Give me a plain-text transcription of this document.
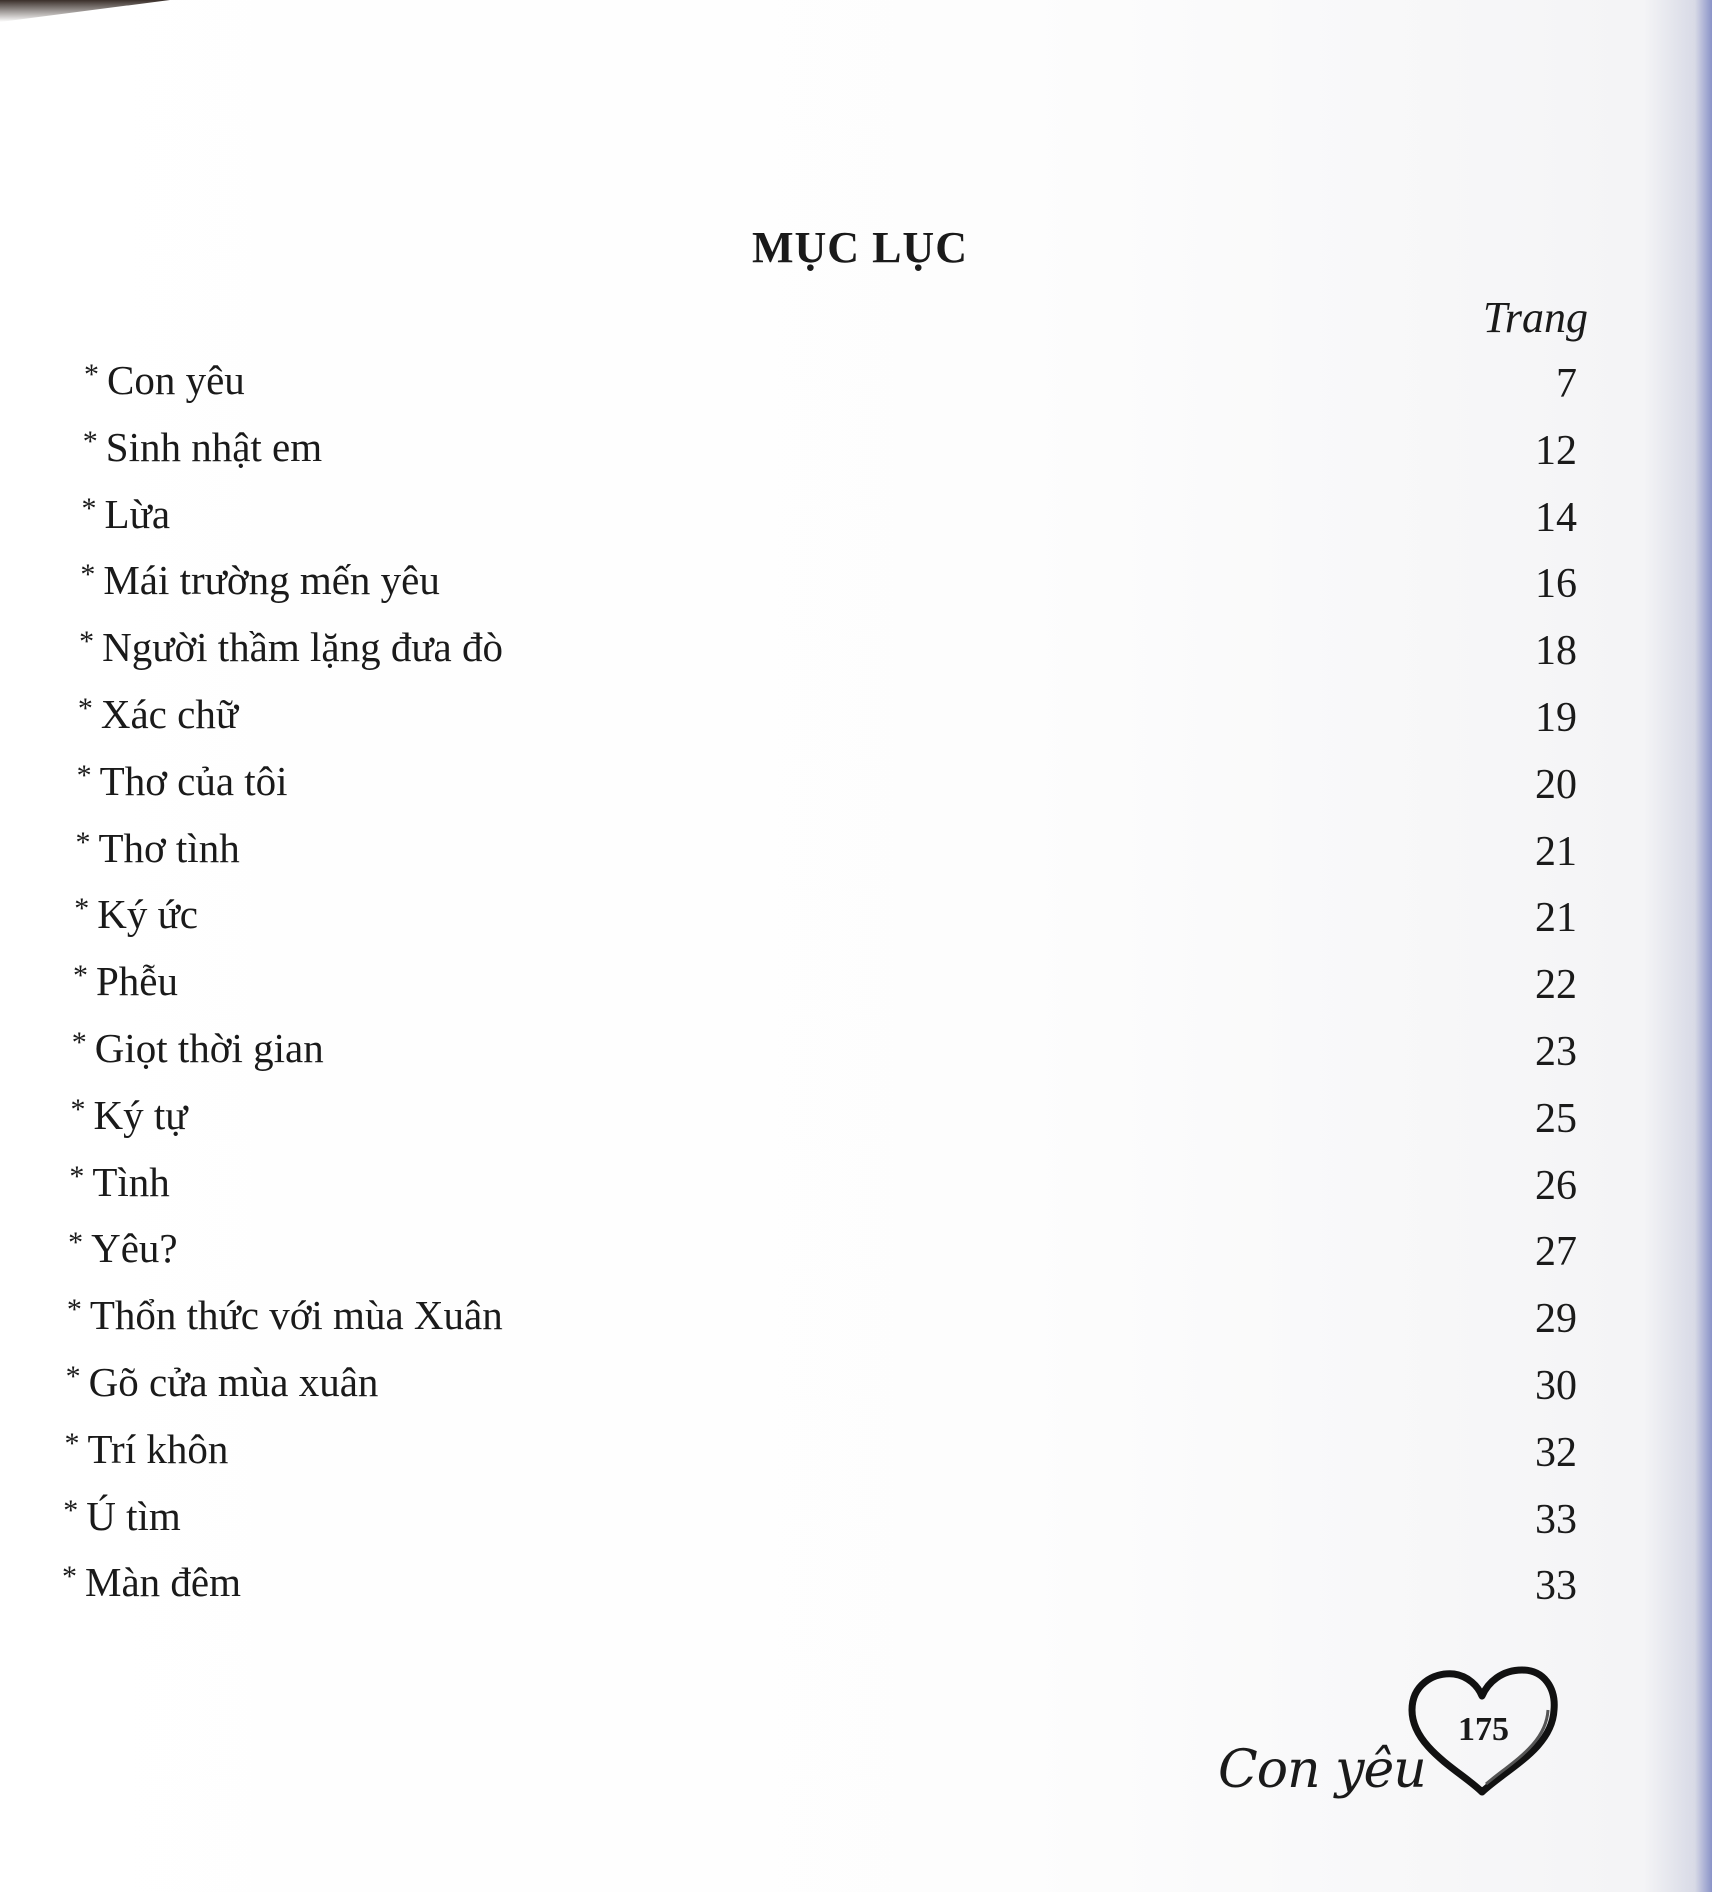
MỤC LỤC
Trang
* Con yêu	7
* Sinh nhật em	12
* Lừa	14
* Mái trường mến yêu	16
* Người thầm lặng đưa đò	18
* Xác chữ	19
* Thơ của tôi	20
* Thơ tình	21
* Ký ức	21
* Phễu	22
* Giọt thời gian	23
* Ký tự	25
* Tình	26
* Yêu?	27
* Thổn thức với mùa Xuân	29
* Gõ cửa mùa xuân	30
* Trí khôn	32
* Ú tìm	33
* Màn đêm	33
Con yêu
175
